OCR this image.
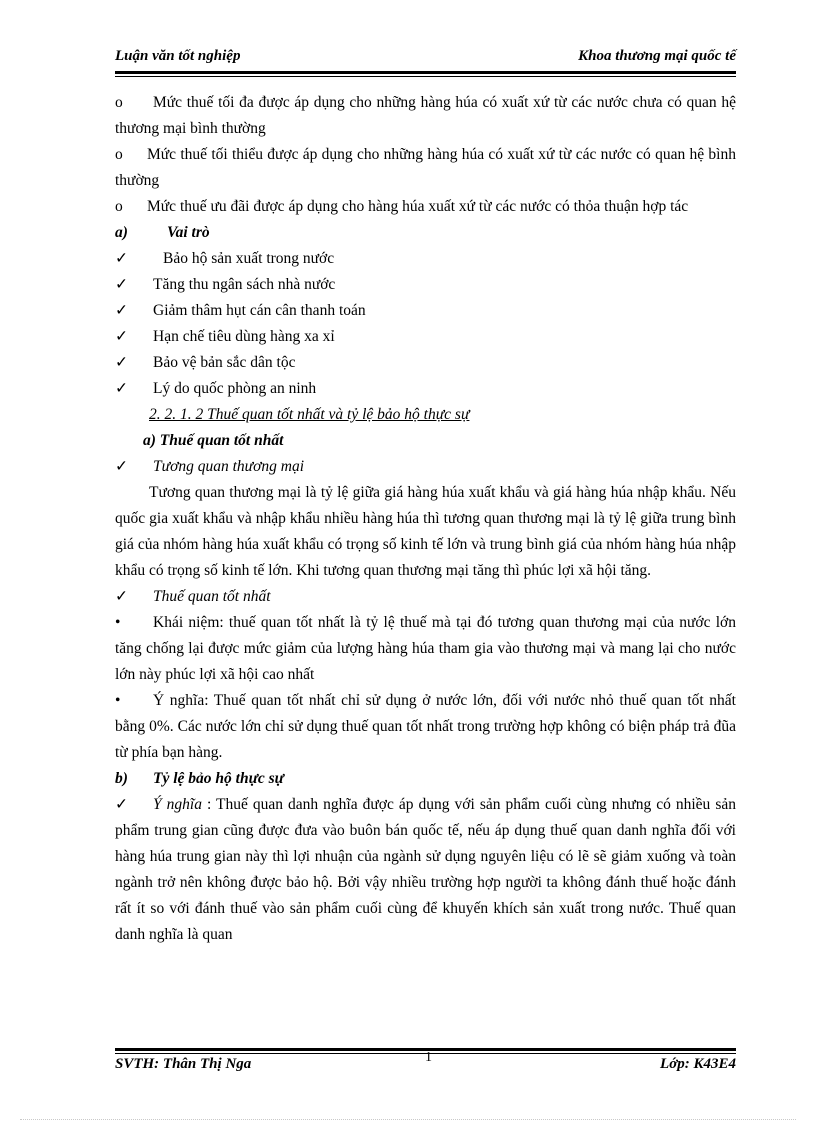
Luận văn tốt nghiệp	Khoa thương mại quốc tế

o Mức thuế tối đa được áp dụng cho những hàng húa có xuất xứ từ các nước chưa có quan hệ thương mại bình thường

o Mức thuế tối thiểu được áp dụng cho những hàng húa có xuất xứ từ các nước có quan hệ bình thường

o Mức thuế ưu đãi được áp dụng cho hàng húa xuất xứ từ các nước có thỏa thuận hợp tác

a)	Vai trò

✓ Bảo hộ sản xuất trong nước

✓ Tăng thu ngân sách nhà nước

✓ Giảm thâm hụt cán cân thanh toán

✓ Hạn chế tiêu dùng hàng xa xỉ

✓ Bảo vệ bản sắc dân tộc

✓ Lý do quốc phòng an ninh

2. 2. 1. 2 Thuế quan tốt nhất và tỷ lệ bảo hộ thực sự

a) Thuế quan tốt nhất

✓ Tương quan thương mại

Tương quan thương mại là tỷ lệ giữa giá hàng húa xuất khẩu và giá hàng húa nhập khẩu. Nếu quốc gia xuất khẩu và nhập khẩu nhiều hàng húa thì tương quan thương mại là tỷ lệ giữa trung bình giá của nhóm hàng húa xuất khẩu có trọng số kinh tế lớn và trung bình giá của nhóm hàng húa nhập khẩu có trọng số kinh tế lớn. Khi tương quan thương mại tăng thì phúc lợi xã hội tăng.

✓ Thuế quan tốt nhất

• Khái niệm: thuế quan tốt nhất là tỷ lệ thuế mà tại đó tương quan thương mại của nước lớn tăng chống lại được mức giảm của lượng hàng húa tham gia vào thương mại và mang lại cho nước lớn này phúc lợi xã hội cao nhất

• Ý nghĩa: Thuế quan tốt nhất chỉ sử dụng ở nước lớn, đối với nước nhỏ thuế quan tốt nhất bằng 0%. Các nước lớn chỉ sử dụng thuế quan tốt nhất trong trường hợp không có biện pháp trả đũa từ phía bạn hàng.

b) Tỷ lệ bảo hộ thực sự

✓ Ý nghĩa : Thuế quan danh nghĩa được áp dụng với sản phẩm cuối cùng nhưng có nhiều sản phẩm trung gian cũng được đưa vào buôn bán quốc tế, nếu áp dụng thuế quan danh nghĩa đối với hàng húa trung gian này thì lợi nhuận của ngành sử dụng nguyên liệu có lẽ sẽ giảm xuống và toàn ngành trở nên không được bảo hộ. Bởi vậy nhiều trường hợp người ta không đánh thuế hoặc đánh rất ít so với đánh thuế vào sản phẩm cuối cùng để khuyến khích sản xuất trong nước. Thuế quan danh nghĩa là quan

SVTH: Thân Thị Nga	1	Lớp: K43E4
